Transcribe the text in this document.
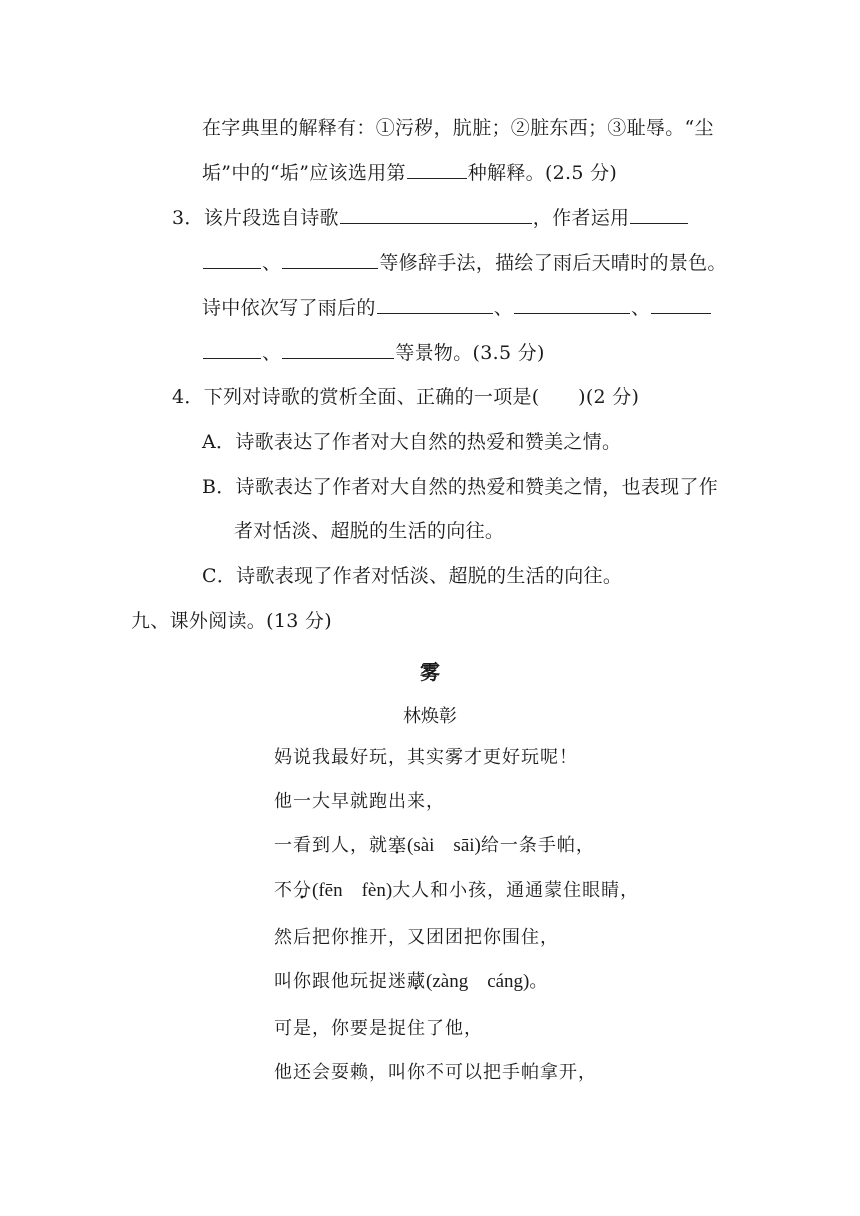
在字典里的解释有：①污秽，肮脏；②脏东西；③耻辱。“尘
垢”中的“垢”应该选用第	种解释。(2.5 分)
3．该片段选自诗歌	，作者运用
、	等修辞手法，描绘了雨后天晴时的景色。
诗中依次写了雨后的	、	、
、	等景物。(3.5 分)
4．下列对诗歌的赏析全面、正确的一项是(　　)(2 分)
A．诗歌表达了作者对大自然的热爱和赞美之情。
B．诗歌表达了作者对大自然的热爱和赞美之情，也表现了作
者对恬淡、超脱的生活的向往。
C．诗歌表现了作者对恬淡、超脱的生活的向往。
九、课外阅读。(13 分)
雾
林焕彰
妈说我最好玩，其实雾才更好玩呢！
他一大早就跑出来，
一看到人，就塞(sài　sāi)给一条手帕，
不分(fēn　fèn)大人和小孩，通通蒙住眼睛，
然后把你推开，又团团把你围住，
叫你跟他玩捉迷藏(zàng　cáng)。
可是，你要是捉住了他，
他还会耍赖，叫你不可以把手帕拿开，
